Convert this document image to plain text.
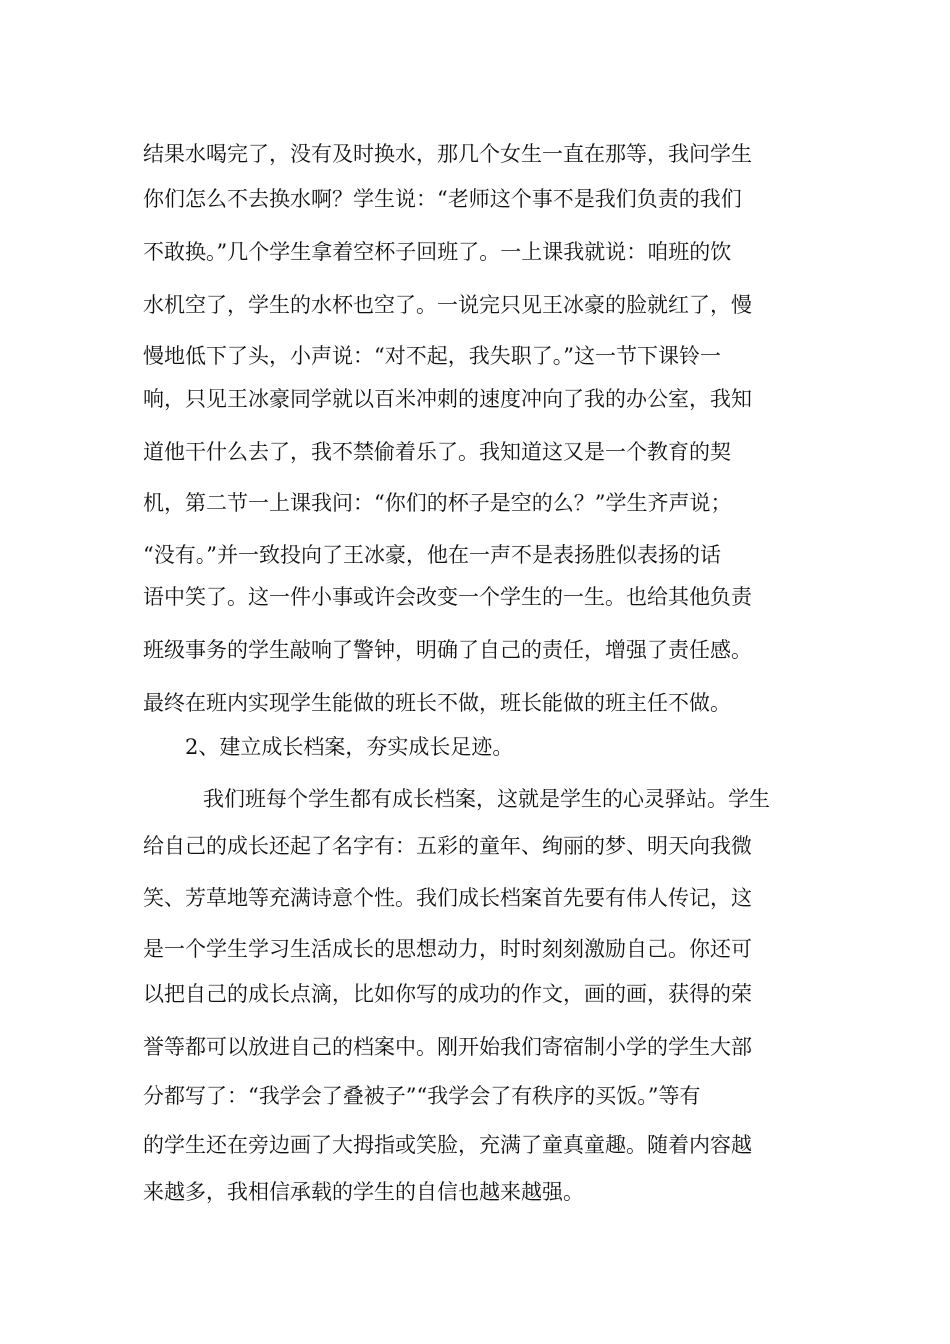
结果水喝完了，没有及时换水，那几个女生一直在那等，我问学生

你们怎么不去换水啊？学生说：“老师这个事不是我们负责的我们

不敢换。”几个学生拿着空杯子回班了。一上课我就说：咱班的饮

水机空了，学生的水杯也空了。一说完只见王冰豪的脸就红了，慢

慢地低下了头，小声说：“对不起，我失职了。”这一节下课铃一

响，只见王冰豪同学就以百米冲刺的速度冲向了我的办公室，我知

道他干什么去了，我不禁偷着乐了。我知道这又是一个教育的契

机，第二节一上课我问：“你们的杯子是空的么？”学生齐声说；

“没有。”并一致投向了王冰豪，他在一声不是表扬胜似表扬的话

语中笑了。这一件小事或许会改变一个学生的一生。也给其他负责

班级事务的学生敲响了警钟，明确了自己的责任，增强了责任感。

最终在班内实现学生能做的班长不做，班长能做的班主任不做。

2、建立成长档案，夯实成长足迹。

我们班每个学生都有成长档案，这就是学生的心灵驿站。学生

给自己的成长还起了名字有：五彩的童年、绚丽的梦、明天向我微

笑、芳草地等充满诗意个性。我们成长档案首先要有伟人传记，这

是一个学生学习生活成长的思想动力，时时刻刻激励自己。你还可

以把自己的成长点滴，比如你写的成功的作文，画的画，获得的荣

誉等都可以放进自己的档案中。刚开始我们寄宿制小学的学生大部

分都写了：“我学会了叠被子”“我学会了有秩序的买饭。”等有

的学生还在旁边画了大拇指或笑脸，充满了童真童趣。随着内容越

来越多，我相信承载的学生的自信也越来越强。
